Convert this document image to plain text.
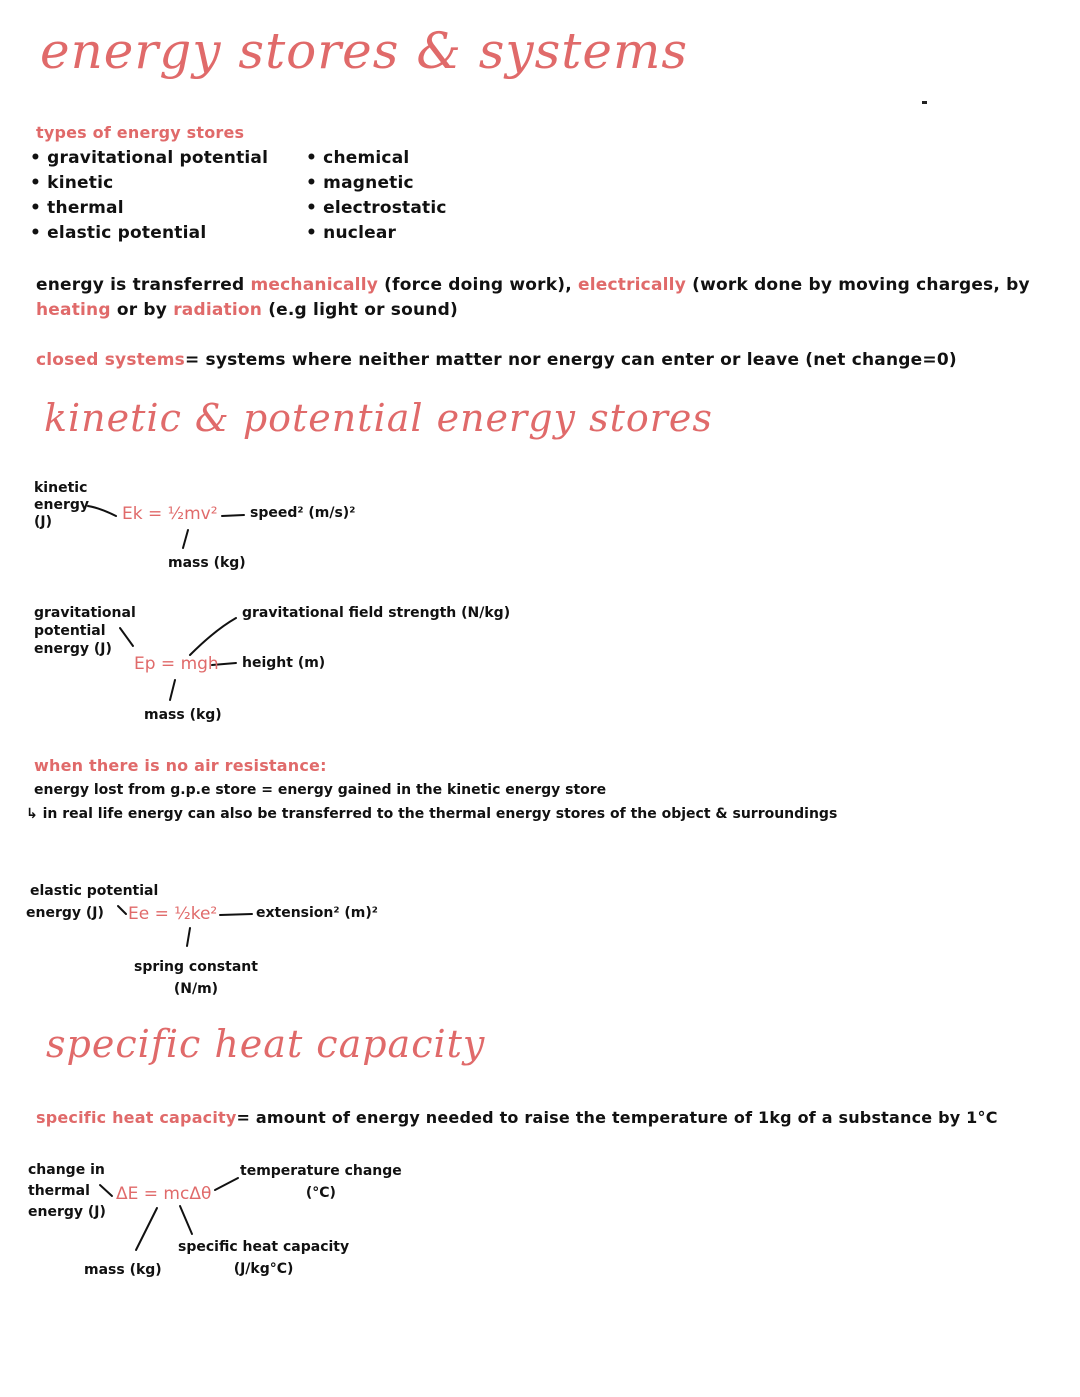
energy stores & systems
types of energy stores
• gravitational potential
• kinetic
• thermal
• elastic potential
• chemical
• magnetic
• electrostatic
• nuclear
energy is transferred mechanically (force doing work), electrically (work done by moving charges, by
heating or by radiation (e.g light or sound)
closed systems= systems where neither matter nor energy can enter or leave (net change=0)
kinetic & potential energy stores
kinetic
energy
(J)	Ek = ½mv² speed² (m/s)²
mass (kg)
gravitational
potential
energy (J)
Ep = mgh
gravitational field strength (N/kg)
height (m)
mass (kg)
when there is no air resistance:
energy lost from g.p.e store = energy gained in the kinetic energy store
↳ in real life energy can also be transferred to the thermal energy stores of the object & surroundings
elastic potential
energy (J)	Ee = ½ke²	extension² (m)²
spring constant
(N/m)
specific heat capacity
specific heat capacity= amount of energy needed to raise the temperature of 1kg of a substance by 1°C
change in
thermal
energy (J)
ΔE = mcΔθ
temperature change
(°C)
mass (kg)
specific heat capacity
(J/kg°C)
